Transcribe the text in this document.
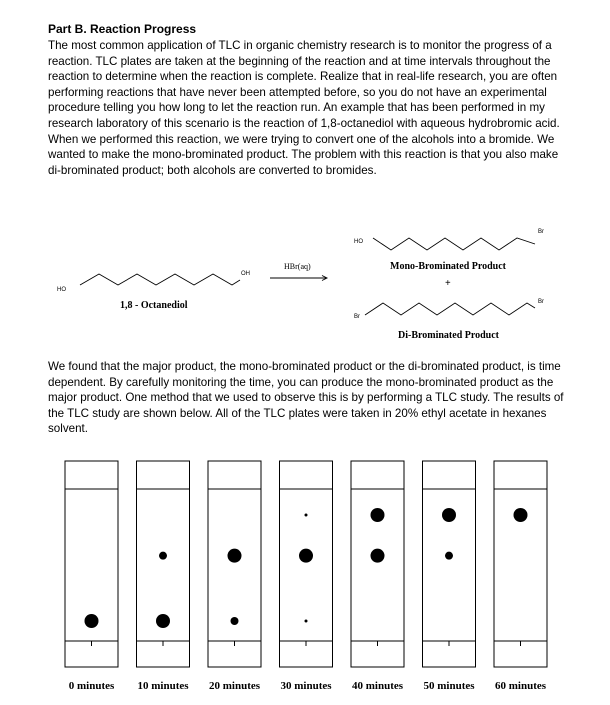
Part B. Reaction Progress
The most common application of TLC in organic chemistry research is to monitor the progress of a reaction. TLC plates are taken at the beginning of the reaction and at time intervals throughout the reaction to determine when the reaction is complete. Realize that in real-life research, you are often performing reactions that have never been attempted before, so you do not have an experimental procedure telling you how long to let the reaction run. An example that has been performed in my research laboratory of this scenario is the reaction of 1,8-octanediol with aqueous hydrobromic acid. When we performed this reaction, we were trying to convert one of the alcohols into a bromide. We wanted to make the mono-brominated product. The problem with this reaction is that you also make di-brominated product; both alcohols are converted to bromides.
HO
OH
1,8 - Octanediol
HBr(aq)
HO
Br
Mono-Brominated Product
+
Br
Br
Di-Brominated Product
We found that the major product, the mono-brominated product or the di-brominated product, is time dependent. By carefully monitoring the time, you can produce the mono-brominated product as the major product. One method that we used to observe this is by performing a TLC study. The results of the TLC study are shown below. All of the TLC plates were taken in 20% ethyl acetate in hexanes solvent.
0 minutes 10 minutes 20 minutes 30 minutes 40 minutes 50 minutes 60 minutes
